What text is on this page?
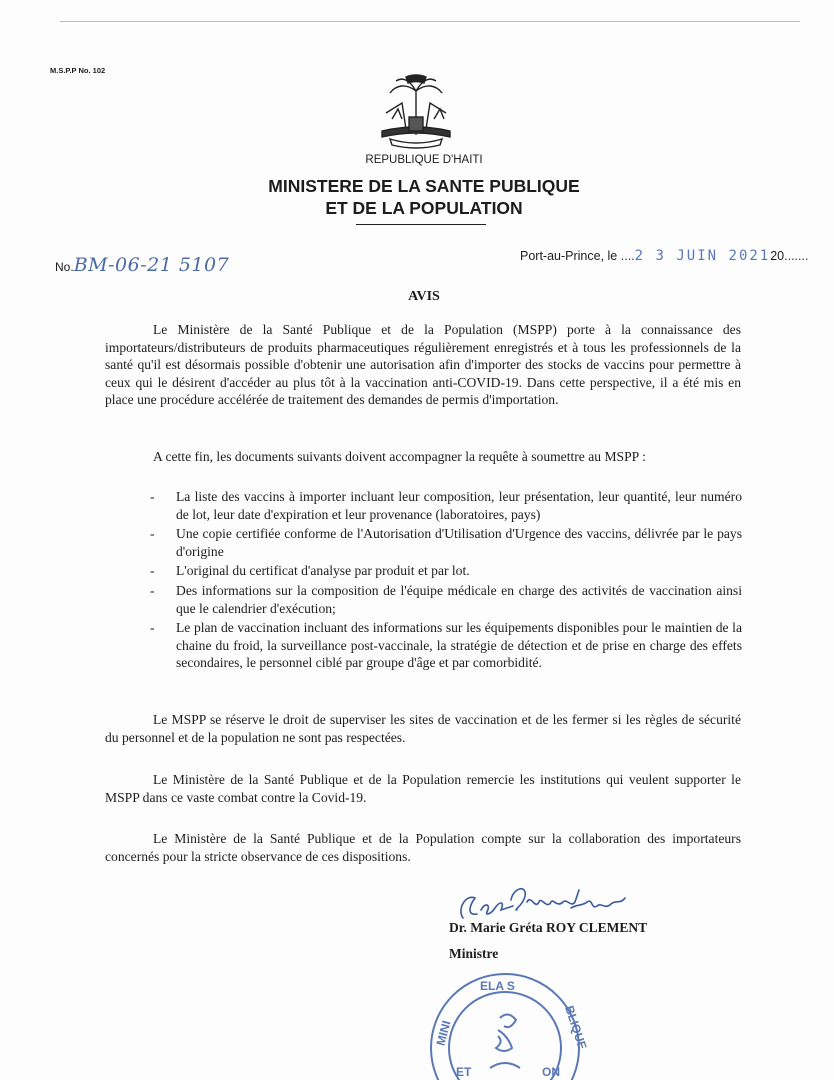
M.S.P.P No. 102
REPUBLIQUE D'HAITI
MINISTERE DE LA SANTE PUBLIQUE
ET DE LA POPULATION
No.BM-06-21 5107	Port-au-Prince, le ....2 3 JUIN 202120.......
AVIS
Le Ministère de la Santé Publique et de la Population (MSPP) porte à la connaissance des importateurs/distributeurs de produits pharmaceutiques régulièrement enregistrés et à tous les professionnels de la santé qu'il est désormais possible d'obtenir une autorisation afin d'importer des stocks de vaccins pour permettre à ceux qui le désirent d'accéder au plus tôt à la vaccination anti-COVID-19. Dans cette perspective, il a été mis en place une procédure accélérée de traitement des demandes de permis d'importation.
A cette fin, les documents suivants doivent accompagner la requête à soumettre au MSPP :
- La liste des vaccins à importer incluant leur composition, leur présentation, leur quantité, leur numéro de lot, leur date d'expiration et leur provenance (laboratoires, pays)
- Une copie certifiée conforme de l'Autorisation d'Utilisation d'Urgence des vaccins, délivrée par le pays d'origine
- L'original du certificat d'analyse par produit et par lot.
- Des informations sur la composition de l'équipe médicale en charge des activités de vaccination ainsi que le calendrier d'exécution;
- Le plan de vaccination incluant des informations sur les équipements disponibles pour le maintien de la chaine du froid, la surveillance post-vaccinale, la stratégie de détection et de prise en charge des effets secondaires, le personnel ciblé par groupe d'âge et par comorbidité.
Le MSPP se réserve le droit de superviser les sites de vaccination et de les fermer si les règles de sécurité du personnel et de la population ne sont pas respectées.
Le Ministère de la Santé Publique et de la Population remercie les institutions qui veulent supporter le MSPP dans ce vaste combat contre la Covid-19.
Le Ministère de la Santé Publique et de la Population compte sur la collaboration des importateurs concernés pour la stricte observance de ces dispositions.
Dr. Marie Gréta ROY CLEMENT
Ministre
ELA S
MINI	BLIQUE
ET	ON
